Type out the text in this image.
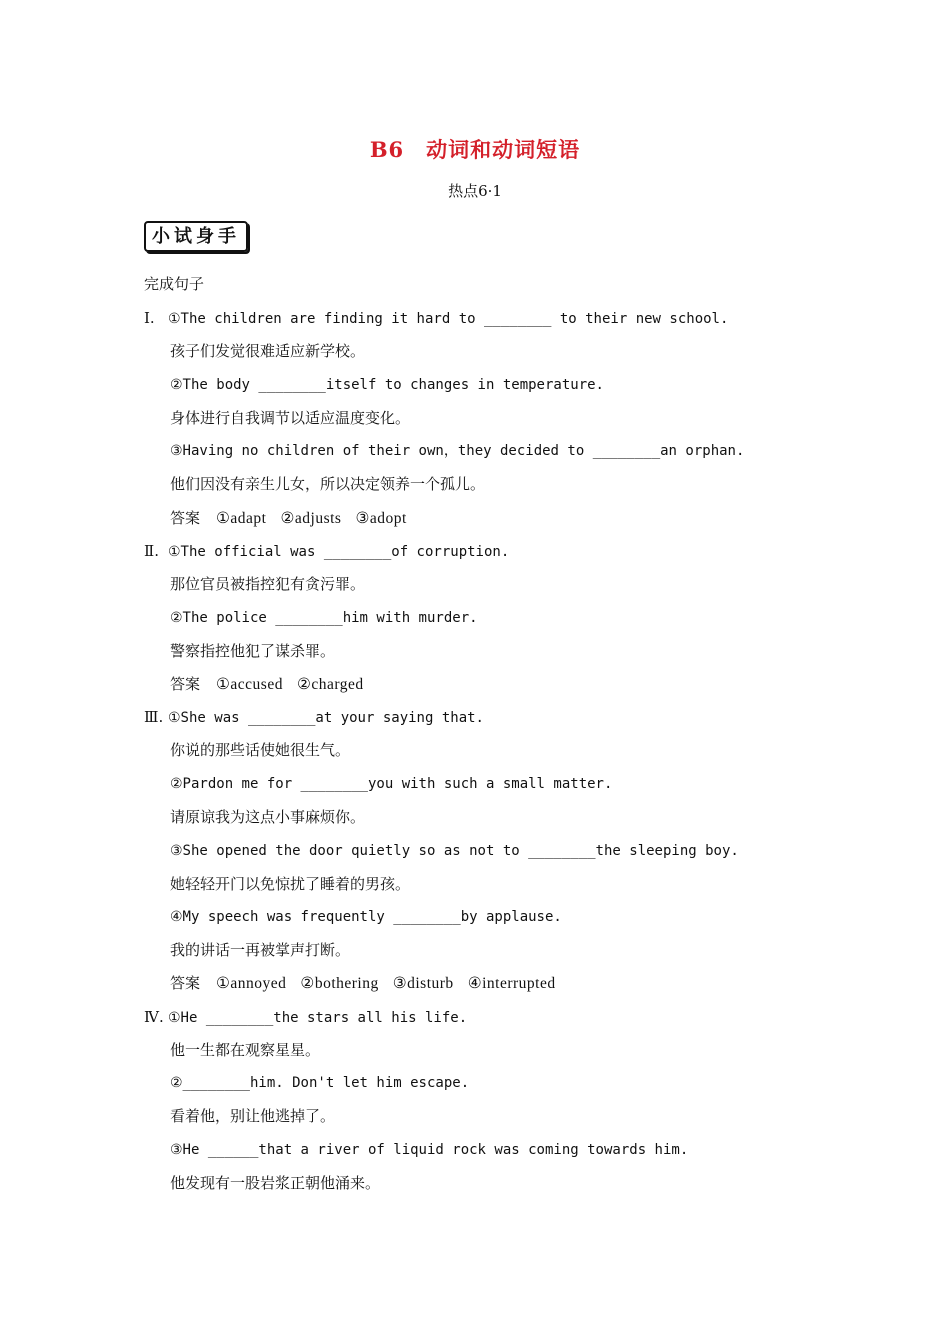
B6　动词和动词短语
热点6·1
小试身手
完成句子
Ⅰ. ①The children are finding it hard to ________ to their new school.
孩子们发觉很难适应新学校。
②The body ________itself to changes in temperature.
身体进行自我调节以适应温度变化。
③Having no children of their own，they decided to ________an orphan.
他们因没有亲生儿女，所以决定领养一个孤儿。
答案 ①adapt ②adjusts ③adopt
Ⅱ. ①The official was ________of corruption.
那位官员被指控犯有贪污罪。
②The police ________him with murder.
警察指控他犯了谋杀罪。
答案 ①accused ②charged
Ⅲ. ①She was ________at your saying that.
你说的那些话使她很生气。
②Pardon me for ________you with such a small matter.
请原谅我为这点小事麻烦你。
③She opened the door quietly so as not to ________the sleeping boy.
她轻轻开门以免惊扰了睡着的男孩。
④My speech was frequently ________by applause.
我的讲话一再被掌声打断。
答案 ①annoyed ②bothering ③disturb ④interrupted
Ⅳ. ①He ________the stars all his life.
他一生都在观察星星。
②________him. Don't let him escape.
看着他，别让他逃掉了。
③He ______that a river of liquid rock was coming towards him.
他发现有一股岩浆正朝他涌来。
